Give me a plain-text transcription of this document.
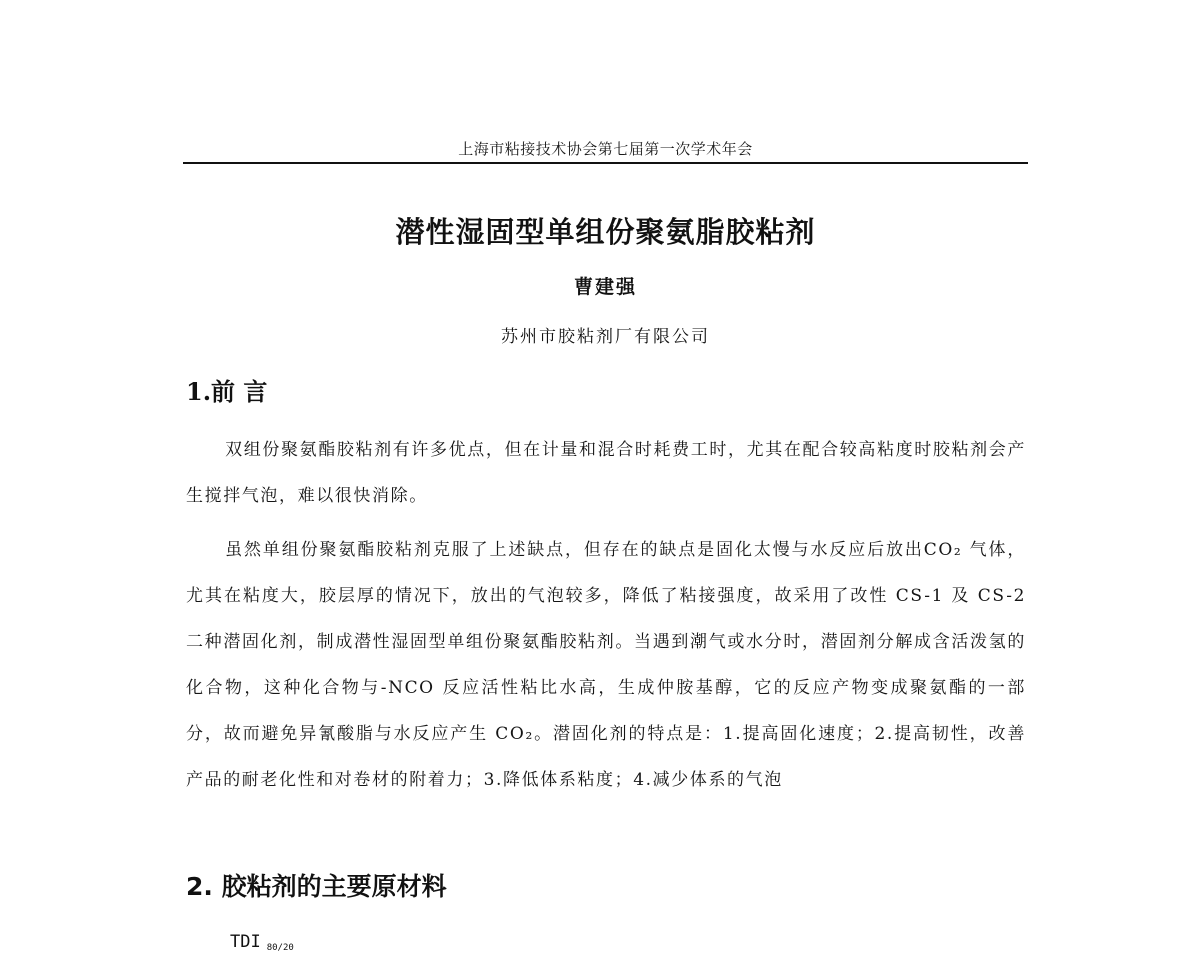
上海市粘接技术协会第七届第一次学术年会
潜性湿固型单组份聚氨脂胶粘剂
曹建强
苏州市胶粘剂厂有限公司
1.前 言

双组份聚氨酯胶粘剂有许多优点，但在计量和混合时耗费工时，尤其在配合较高粘度时胶粘剂会产生搅拌气泡，难以很快消除。

虽然单组份聚氨酯胶粘剂克服了上述缺点，但存在的缺点是固化太慢与水反应后放出CO₂ 气体，尤其在粘度大，胶层厚的情况下，放出的气泡较多，降低了粘接强度，故采用了改性 CS-1 及 CS-2 二种潜固化剂，制成潜性湿固型单组份聚氨酯胶粘剂。当遇到潮气或水分时，潜固剂分解成含活泼氢的化合物，这种化合物与-NCO 反应活性粘比水高，生成仲胺基醇，它的反应产物变成聚氨酯的一部分，故而避免异氰酸脂与水反应产生 CO₂。潜固化剂的特点是：1.提高固化速度；2.提高韧性，改善产品的耐老化性和对卷材的附着力；3.降低体系粘度；4.减少体系的气泡

2. 胶粘剂的主要原材料
TDI $_{80/20}$
